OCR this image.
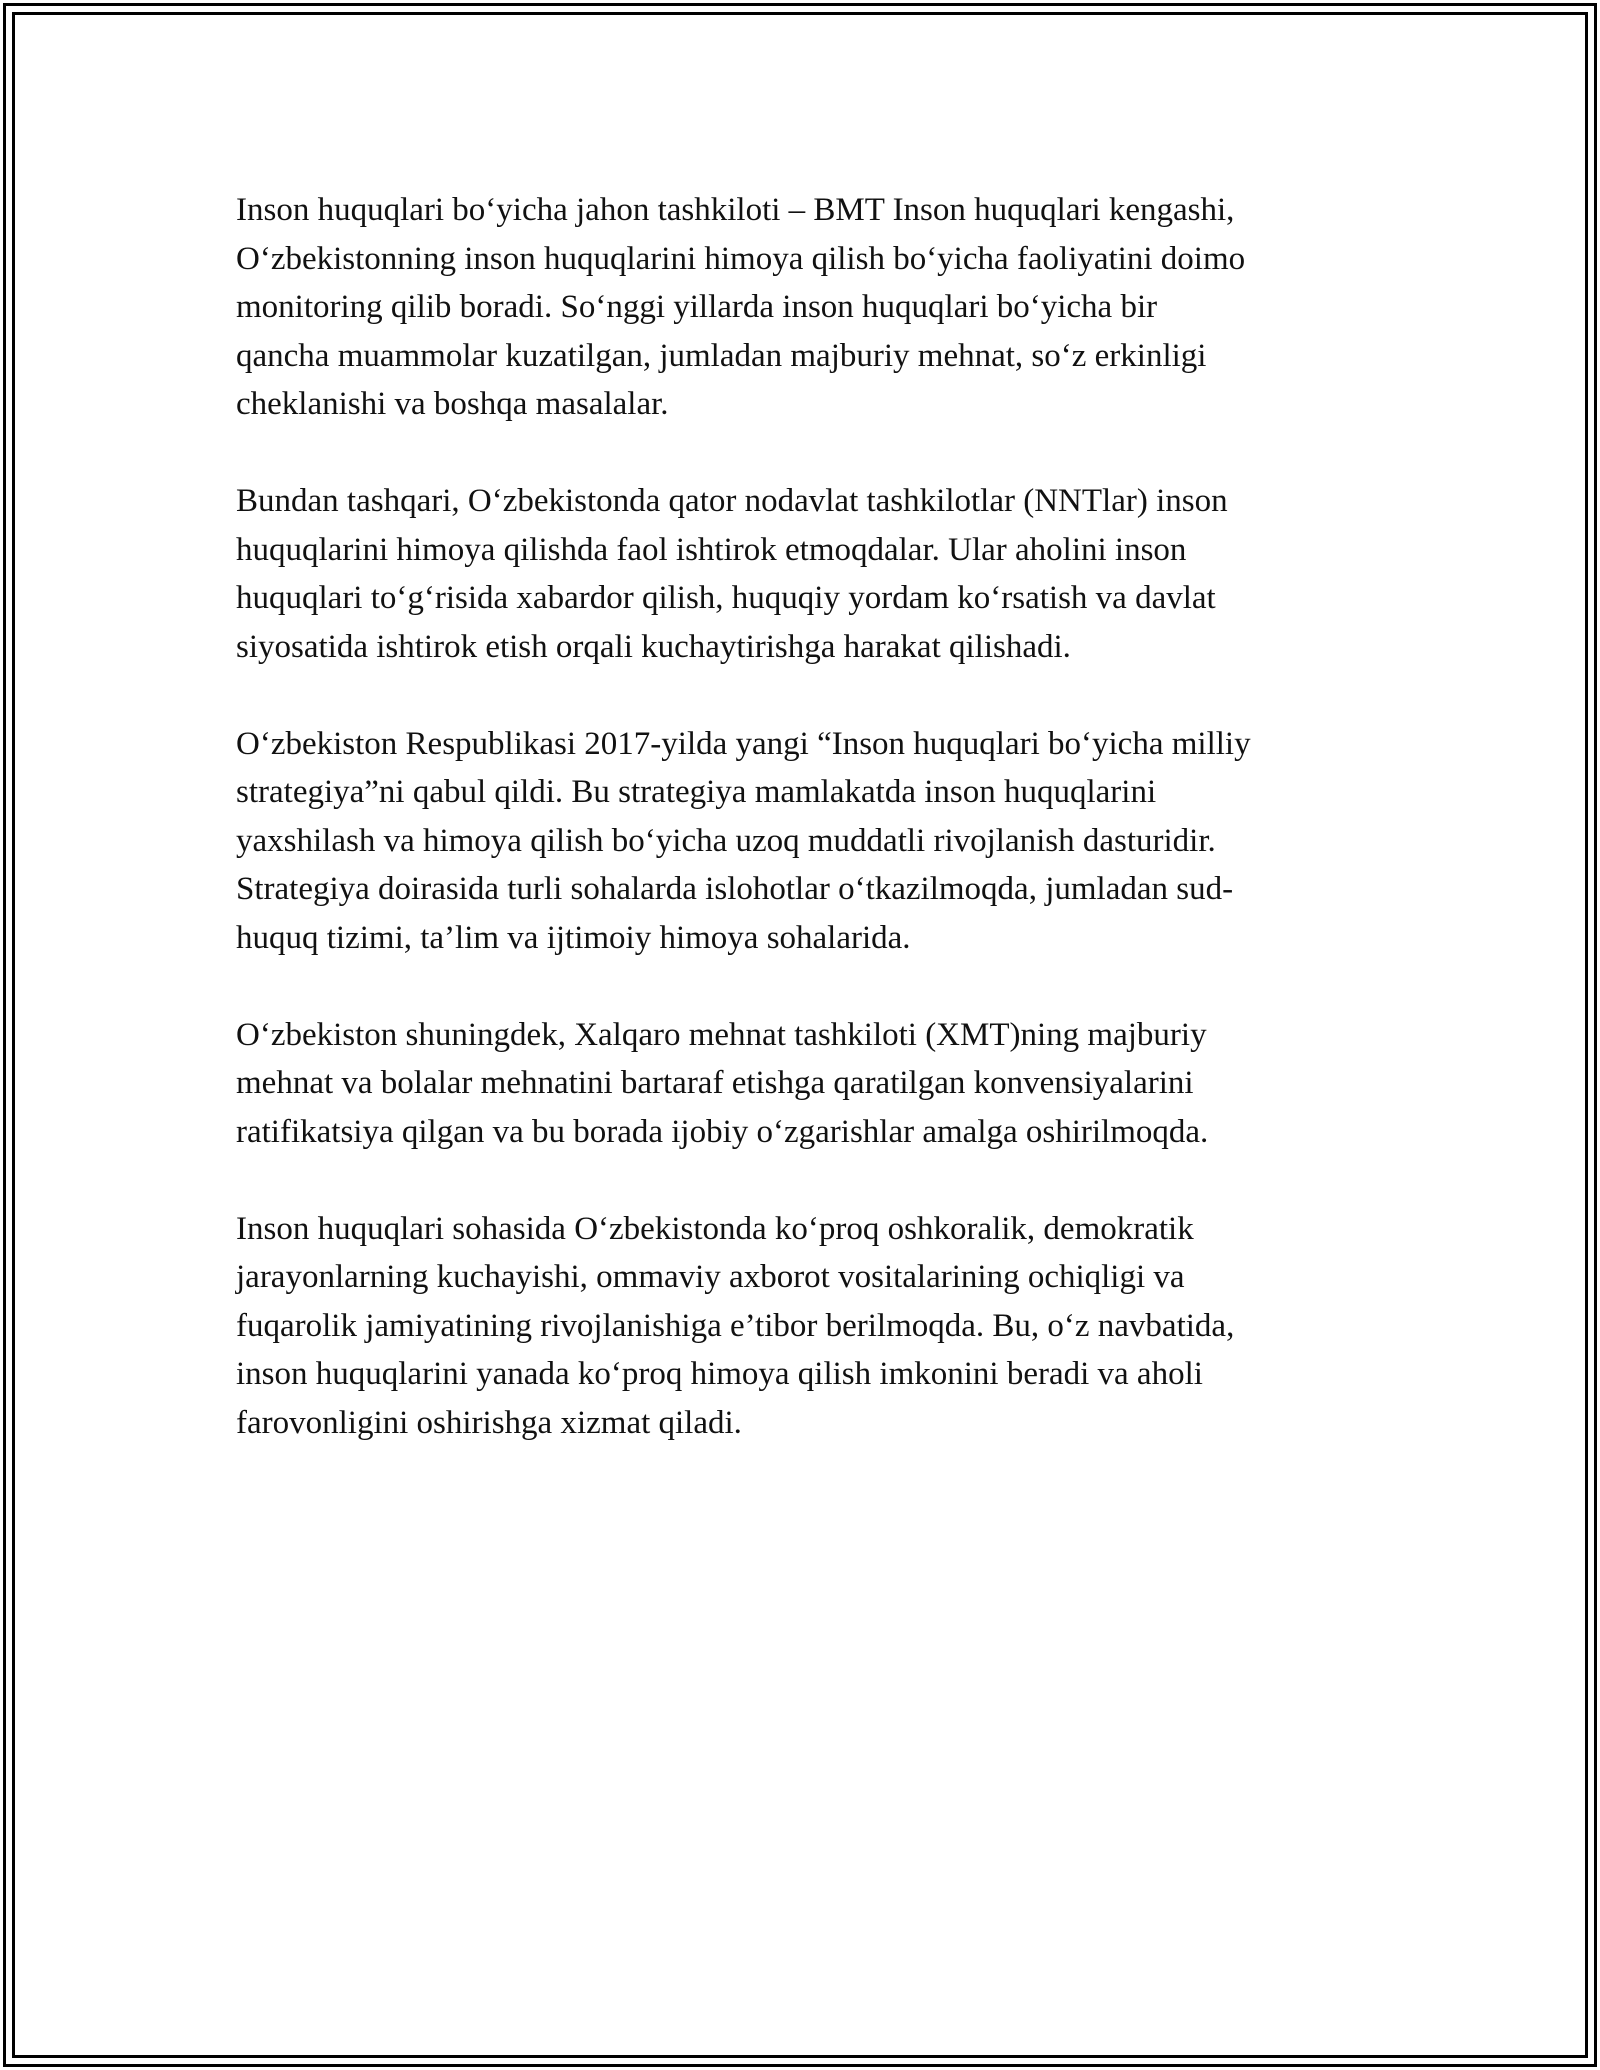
Inson huquqlari bo‘yicha jahon tashkiloti – BMT Inson huquqlari kengashi,
O‘zbekistonning inson huquqlarini himoya qilish bo‘yicha faoliyatini doimo
monitoring qilib boradi. So‘nggi yillarda inson huquqlari bo‘yicha bir
qancha muammolar kuzatilgan, jumladan majburiy mehnat, so‘z erkinligi
cheklanishi va boshqa masalalar.

Bundan tashqari, O‘zbekistonda qator nodavlat tashkilotlar (NNTlar) inson
huquqlarini himoya qilishda faol ishtirok etmoqdalar. Ular aholini inson
huquqlari to‘g‘risida xabardor qilish, huquqiy yordam ko‘rsatish va davlat
siyosatida ishtirok etish orqali kuchaytirishga harakat qilishadi.

O‘zbekiston Respublikasi 2017-yilda yangi “Inson huquqlari bo‘yicha milliy
strategiya”ni qabul qildi. Bu strategiya mamlakatda inson huquqlarini
yaxshilash va himoya qilish bo‘yicha uzoq muddatli rivojlanish dasturidir.
Strategiya doirasida turli sohalarda islohotlar o‘tkazilmoqda, jumladan sud-
huquq tizimi, ta’lim va ijtimoiy himoya sohalarida.

O‘zbekiston shuningdek, Xalqaro mehnat tashkiloti (XMT)ning majburiy
mehnat va bolalar mehnatini bartaraf etishga qaratilgan konvensiyalarini
ratifikatsiya qilgan va bu borada ijobiy o‘zgarishlar amalga oshirilmoqda.

Inson huquqlari sohasida O‘zbekistonda ko‘proq oshkoralik, demokratik
jarayonlarning kuchayishi, ommaviy axborot vositalarining ochiqligi va
fuqarolik jamiyatining rivojlanishiga e’tibor berilmoqda. Bu, o‘z navbatida,
inson huquqlarini yanada ko‘proq himoya qilish imkonini beradi va aholi
farovonligini oshirishga xizmat qiladi.
